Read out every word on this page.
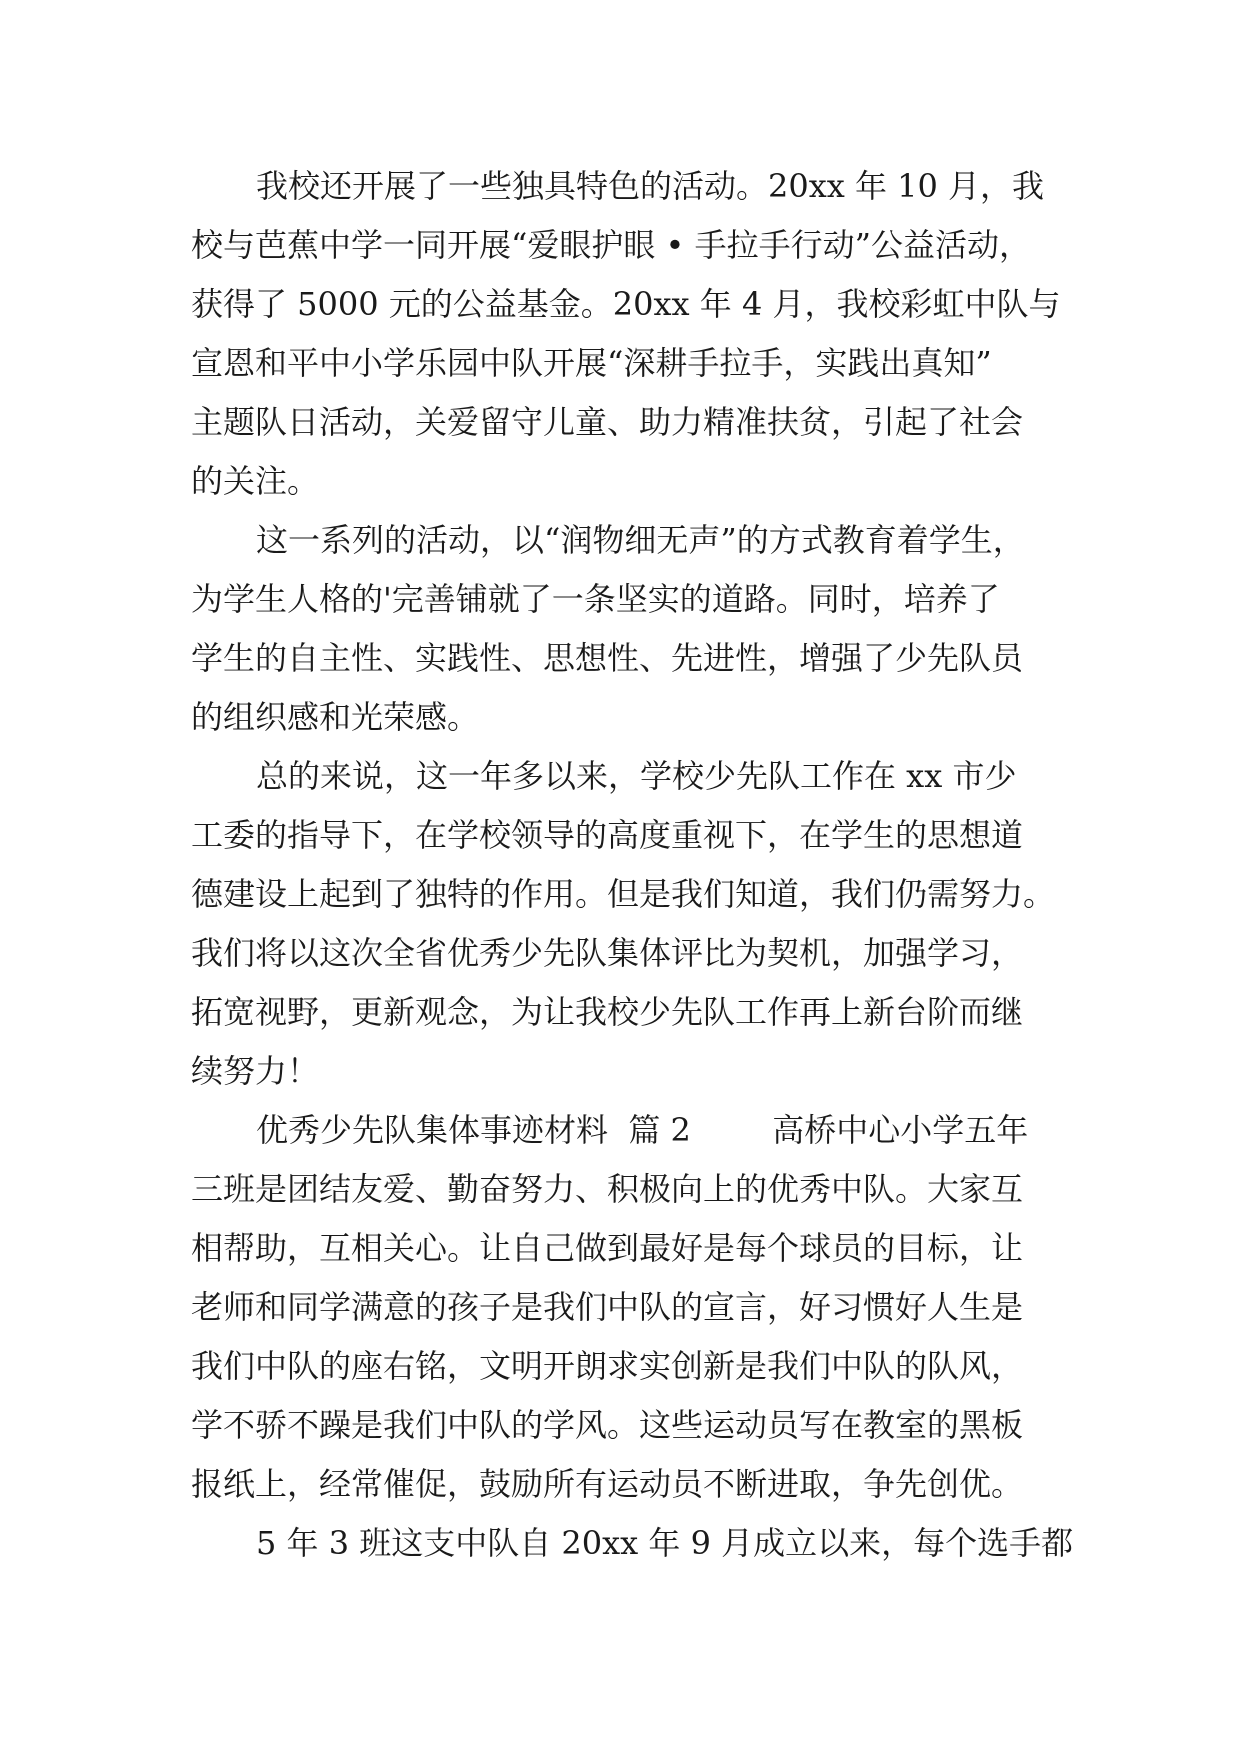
我校还开展了一些独具特色的活动。20xx 年 10 月，我
校与芭蕉中学一同开展“爱眼护眼 • 手拉手行动”公益活动，
获得了 5000 元的公益基金。20xx 年 4 月，我校彩虹中队与
宣恩和平中小学乐园中队开展“深耕手拉手，实践出真知”
主题队日活动，关爱留守儿童、助力精准扶贫，引起了社会
的关注。
这一系列的活动，以“润物细无声”的方式教育着学生，
为学生人格的'完善铺就了一条坚实的道路。同时，培养了
学生的自主性、实践性、思想性、先进性，增强了少先队员
的组织感和光荣感。
总的来说，这一年多以来，学校少先队工作在 xx 市少
工委的指导下，在学校领导的高度重视下，在学生的思想道
德建设上起到了独特的作用。但是我们知道，我们仍需努力。
我们将以这次全省优秀少先队集体评比为契机，加强学习，
拓宽视野，更新观念，为让我校少先队工作再上新台阶而继
续努力！
优秀少先队集体事迹材料  篇 2        高桥中心小学五年
三班是团结友爱、勤奋努力、积极向上的优秀中队。大家互
相帮助，互相关心。让自己做到最好是每个球员的目标，让
老师和同学满意的孩子是我们中队的宣言，好习惯好人生是
我们中队的座右铭，文明开朗求实创新是我们中队的队风，
学不骄不躁是我们中队的学风。这些运动员写在教室的黑板
报纸上，经常催促，鼓励所有运动员不断进取，争先创优。
5 年 3 班这支中队自 20xx 年 9 月成立以来，每个选手都
